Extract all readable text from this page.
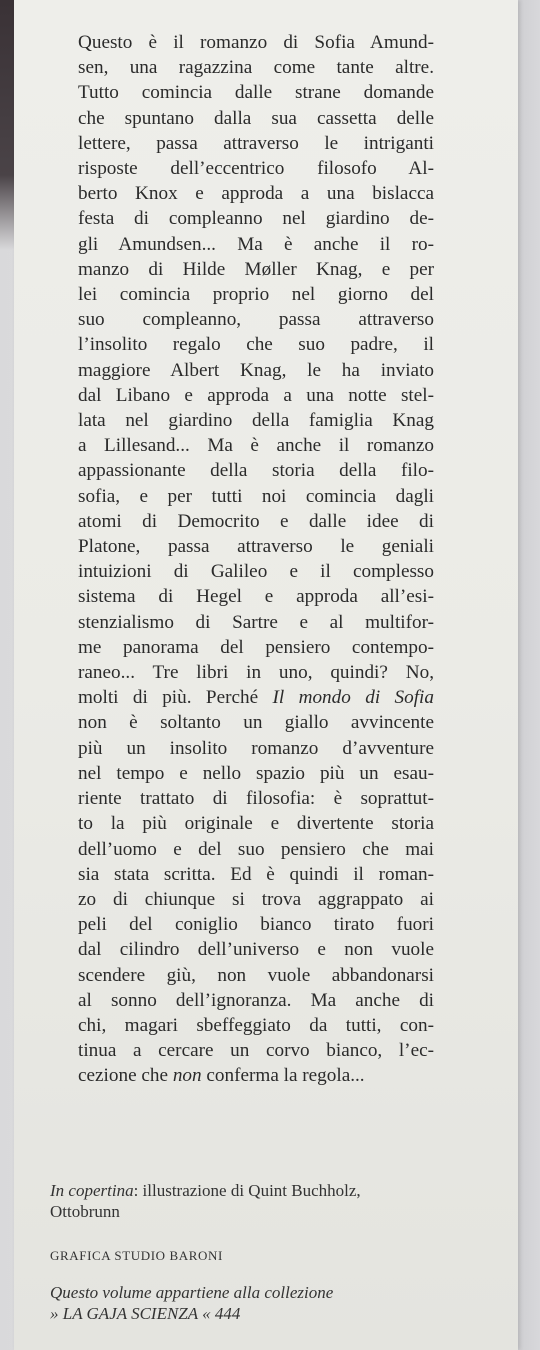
Questo è il romanzo di Sofia Amund-
sen, una ragazzina come tante altre.
Tutto comincia dalle strane domande
che spuntano dalla sua cassetta delle
lettere, passa attraverso le intriganti
risposte dell’eccentrico filosofo Al-
berto Knox e approda a una bislacca
festa di compleanno nel giardino de-
gli Amundsen... Ma è anche il ro-
manzo di Hilde Møller Knag, e per
lei comincia proprio nel giorno del
suo compleanno, passa attraverso
l’insolito regalo che suo padre, il
maggiore Albert Knag, le ha inviato
dal Libano e approda a una notte stel-
lata nel giardino della famiglia Knag
a Lillesand... Ma è anche il romanzo
appassionante della storia della filo-
sofia, e per tutti noi comincia dagli
atomi di Democrito e dalle idee di
Platone, passa attraverso le geniali
intuizioni di Galileo e il complesso
sistema di Hegel e approda all’esi-
stenzialismo di Sartre e al multifor-
me panorama del pensiero contempo-
raneo... Tre libri in uno, quindi? No,
molti di più. Perché Il mondo di Sofia
non è soltanto un giallo avvincente
più un insolito romanzo d’avventure
nel tempo e nello spazio più un esau-
riente trattato di filosofia: è soprattut-
to la più originale e divertente storia
dell’uomo e del suo pensiero che mai
sia stata scritta. Ed è quindi il roman-
zo di chiunque si trova aggrappato ai
peli del coniglio bianco tirato fuori
dal cilindro dell’universo e non vuole
scendere giù, non vuole abbandonarsi
al sonno dell’ignoranza. Ma anche di
chi, magari sbeffeggiato da tutti, con-
tinua a cercare un corvo bianco, l’ec-
cezione che non conferma la regola...
In copertina: illustrazione di Quint Buchholz,
Ottobrunn
GRAFICA STUDIO BARONI
Questo volume appartiene alla collezione
» LA GAJA SCIENZA « 444
